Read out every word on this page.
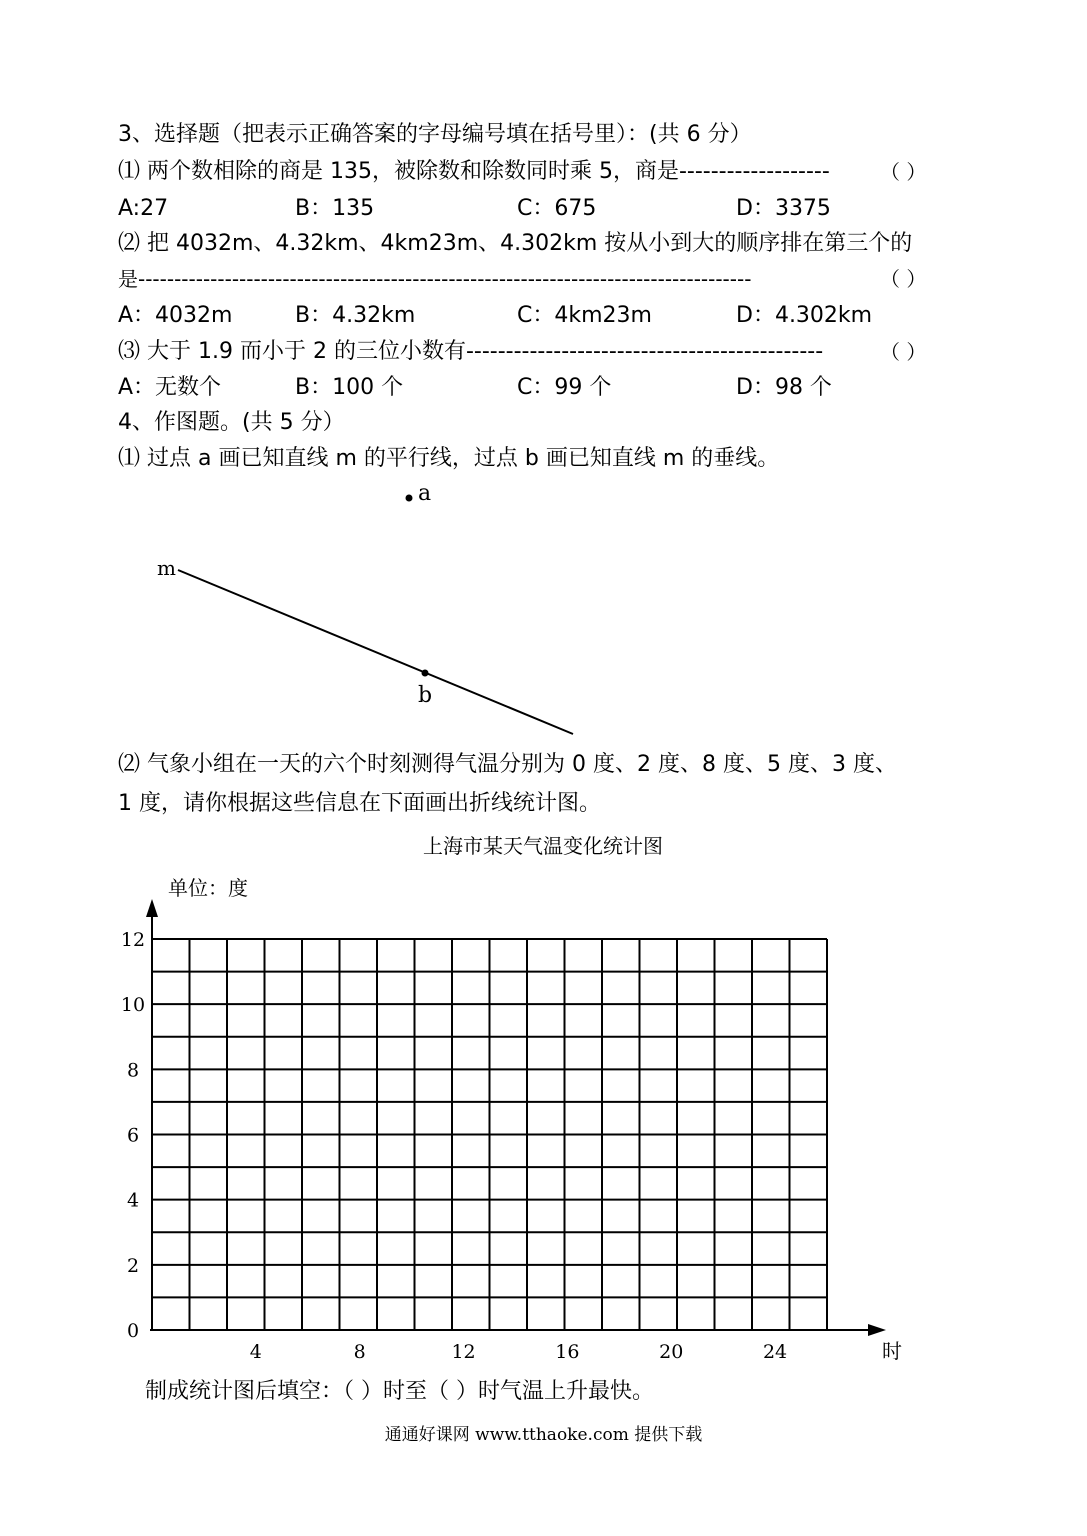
3、选择题（把表示正确答案的字母编号填在括号里）：(共 6 分）
⑴ 两个数相除的商是 135，被除数和除数同时乘 5，商是-------------------	（ ）
A:27	B：135	C：675	D：3375
⑵ 把 4032m、4.32km、4km23m、4.302km 按从小到大的顺序排在第三个的
是-------------------------------------------------------------------------------------	（ ）
A：4032m	B：4.32km	C：4km23m	D：4.302km
⑶ 大于 1.9 而小于 2 的三位小数有---------------------------------------------	（ ）
A：无数个	B：100 个	C：99 个	D：98 个
4、作图题。(共 5 分）
⑴ 过点 a 画已知直线 m 的平行线，过点 b 画已知直线 m 的垂线。
a
m
b
⑵ 气象小组在一天的六个时刻测得气温分别为 0 度、2 度、8 度、5 度、3 度、
1 度，请你根据这些信息在下面画出折线统计图。
上海市某天气温变化统计图
单位：度
0
2
4
6
8
10
12
4	8	12	16	20	24	时
制成统计图后填空：（ ）时至（ ）时气温上升最快。
通通好课网 www.tthaoke.com 提供下载
